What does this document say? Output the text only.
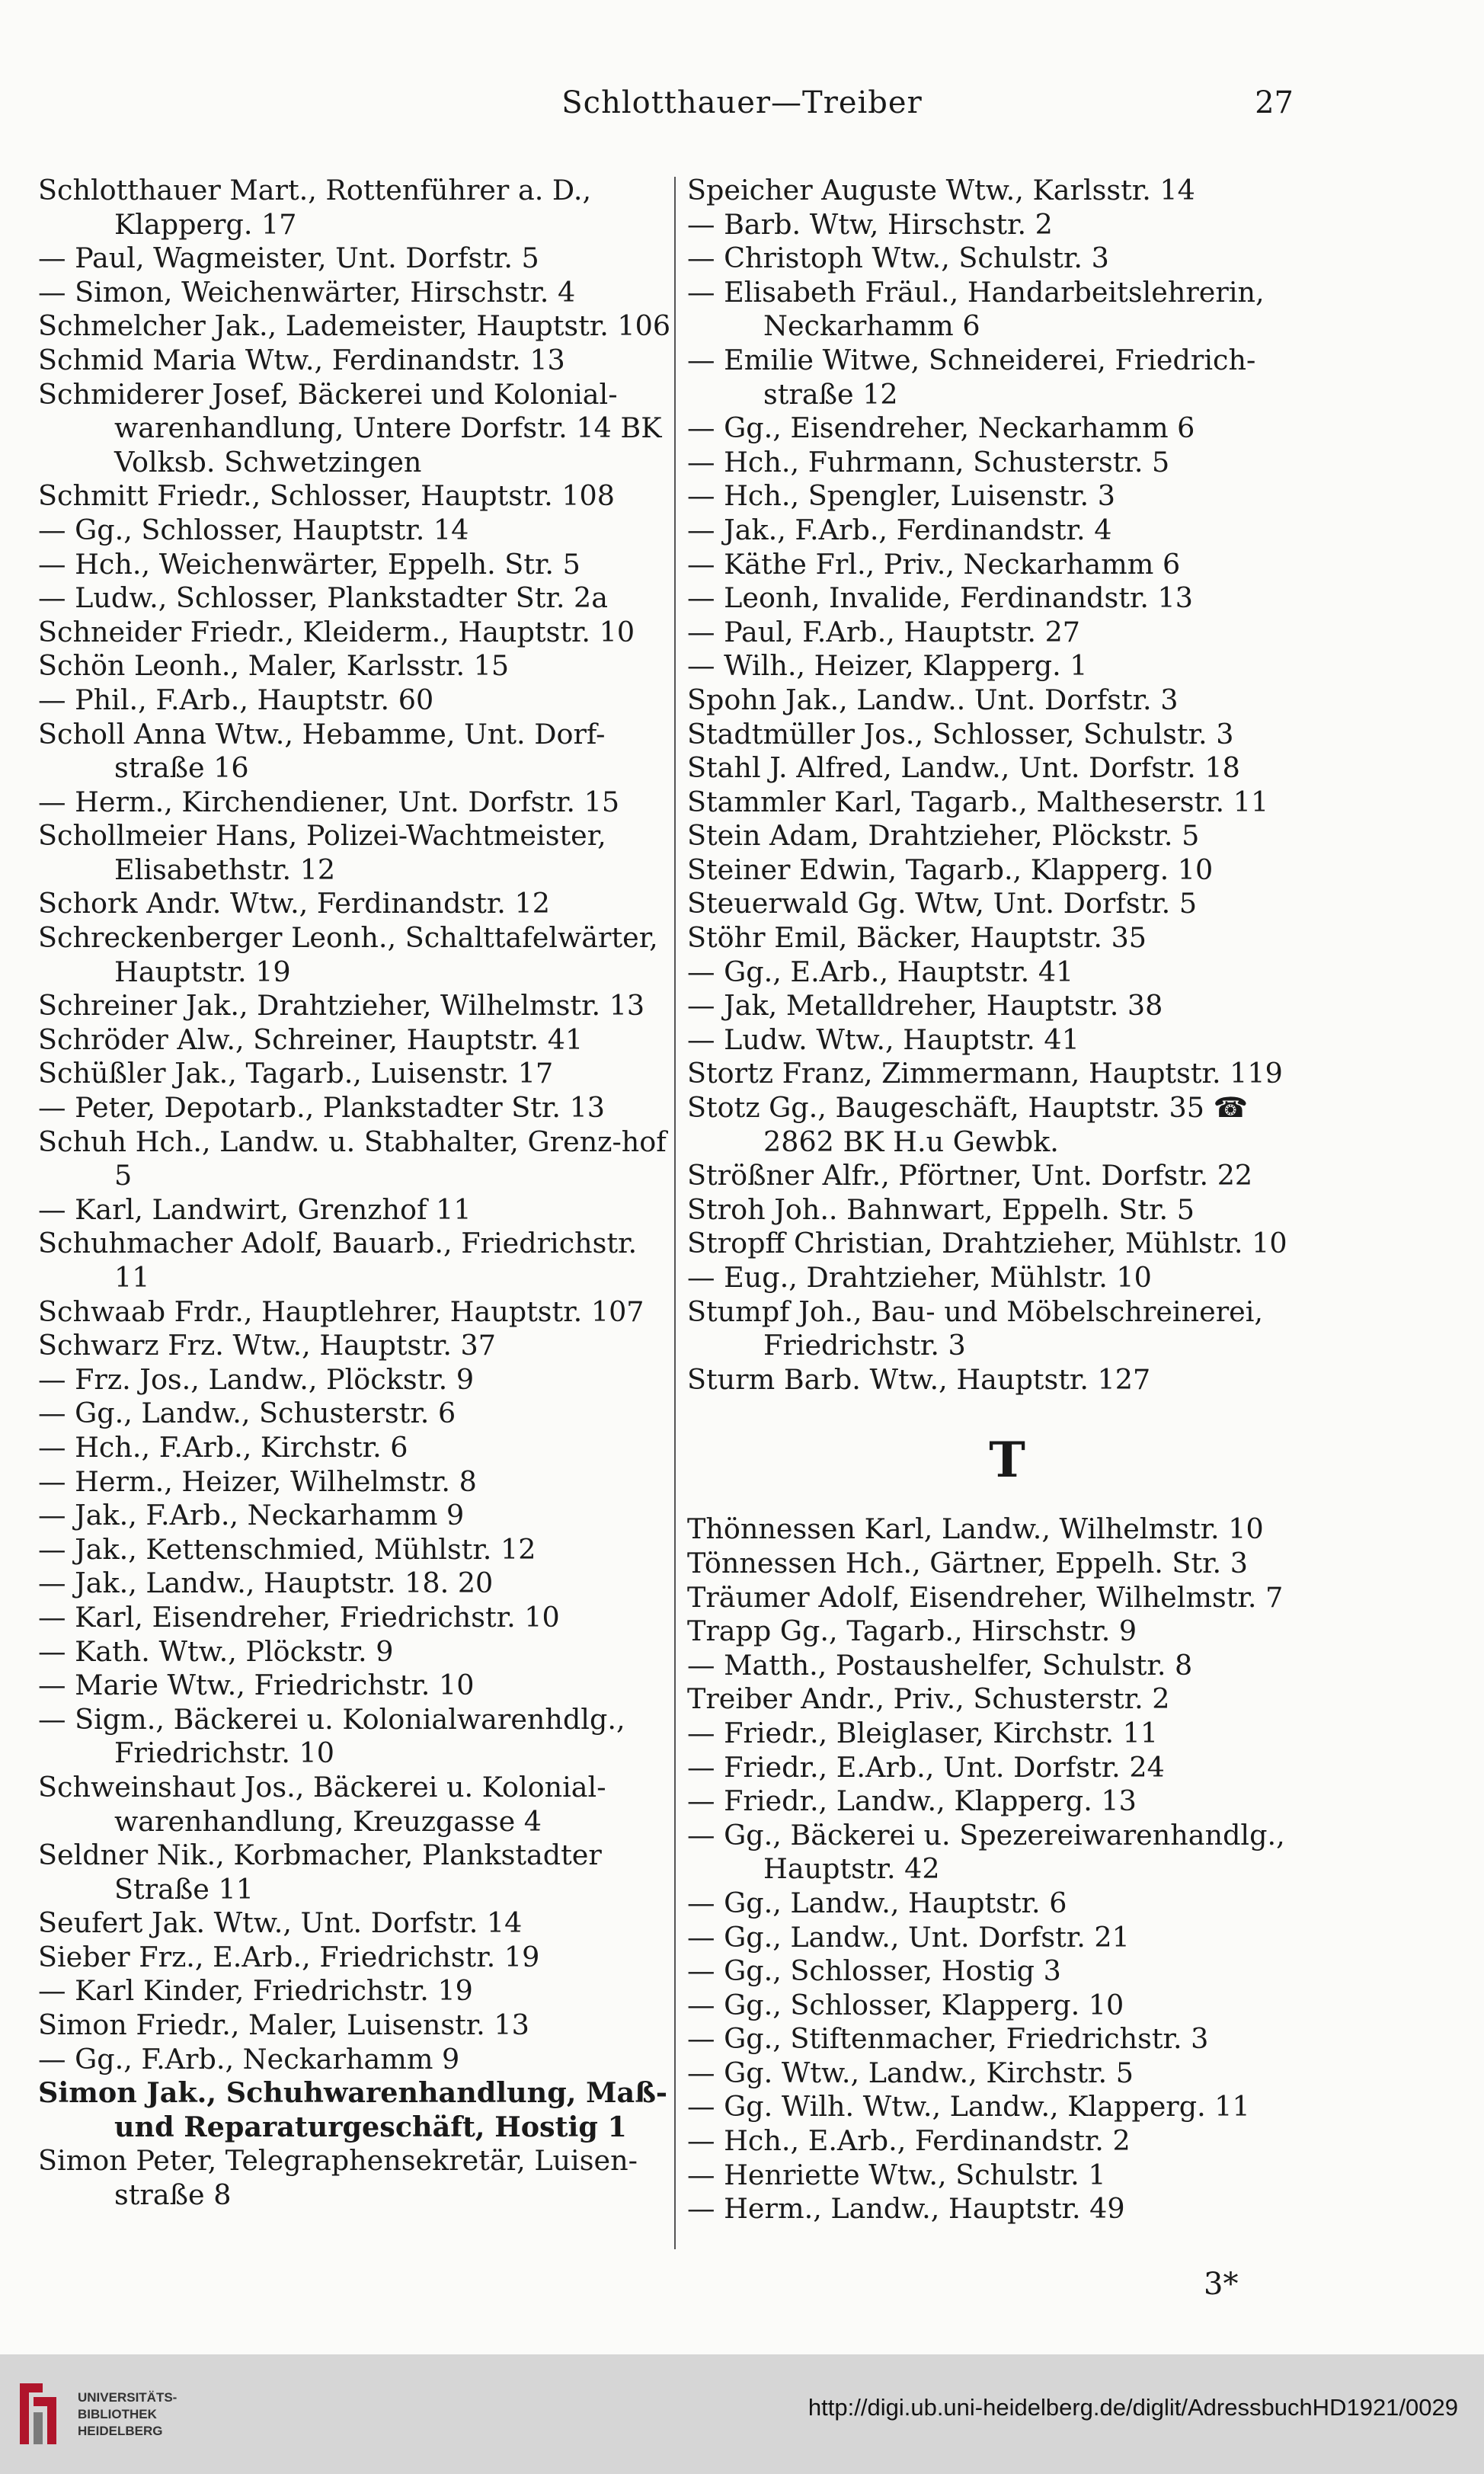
Schlotthauer—Treiber	27
Schlotthauer Mart., Rottenführer a. D., Klapperg. 17
— Paul, Wagmeister, Unt. Dorfstr. 5
— Simon, Weichenwärter, Hirschstr. 4
Schmelcher Jak., Lademeister, Hauptstr. 106
Schmid Maria Wtw., Ferdinandstr. 13
Schmiderer Josef, Bäckerei und Kolonial-warenhandlung, Untere Dorfstr. 14 BK Volksb. Schwetzingen
Schmitt Friedr., Schlosser, Hauptstr. 108
— Gg., Schlosser, Hauptstr. 14
— Hch., Weichenwärter, Eppelh. Str. 5
— Ludw., Schlosser, Plankstadter Str. 2a
Schneider Friedr., Kleiderm., Hauptstr. 10
Schön Leonh., Maler, Karlsstr. 15
— Phil., F.Arb., Hauptstr. 60
Scholl Anna Wtw., Hebamme, Unt. Dorf-straße 16
— Herm., Kirchendiener, Unt. Dorfstr. 15
Schollmeier Hans, Polizei-Wachtmeister, Elisabethstr. 12
Schork Andr. Wtw., Ferdinandstr. 12
Schreckenberger Leonh., Schalttafelwärter, Hauptstr. 19
Schreiner Jak., Drahtzieher, Wilhelmstr. 13
Schröder Alw., Schreiner, Hauptstr. 41
Schüßler Jak., Tagarb., Luisenstr. 17
— Peter, Depotarb., Plankstadter Str. 13
Schuh Hch., Landw. u. Stabhalter, Grenz-hof 5
— Karl, Landwirt, Grenzhof 11
Schuhmacher Adolf, Bauarb., Friedrichstr. 11
Schwaab Frdr., Hauptlehrer, Hauptstr. 107
Schwarz Frz. Wtw., Hauptstr. 37
— Frz. Jos., Landw., Plöckstr. 9
— Gg., Landw., Schusterstr. 6
— Hch., F.Arb., Kirchstr. 6
— Herm., Heizer, Wilhelmstr. 8
— Jak., F.Arb., Neckarhamm 9
— Jak., Kettenschmied, Mühlstr. 12
— Jak., Landw., Hauptstr. 18. 20
— Karl, Eisendreher, Friedrichstr. 10
— Kath. Wtw., Plöckstr. 9
— Marie Wtw., Friedrichstr. 10
— Sigm., Bäckerei u. Kolonialwarenhdlg., Friedrichstr. 10
Schweinshaut Jos., Bäckerei u. Kolonial-warenhandlung, Kreuzgasse 4
Seldner Nik., Korbmacher, Plankstadter Straße 11
Seufert Jak. Wtw., Unt. Dorfstr. 14
Sieber Frz., E.Arb., Friedrichstr. 19
— Karl Kinder, Friedrichstr. 19
Simon Friedr., Maler, Luisenstr. 13
— Gg., F.Arb., Neckarhamm 9
Simon Jak., Schuhwarenhandlung, Maß- und Reparaturgeschäft, Hostig 1
Simon Peter, Telegraphensekretär, Luisen-straße 8
Speicher Auguste Wtw., Karlsstr. 14
— Barb. Wtw, Hirschstr. 2
— Christoph Wtw., Schulstr. 3
— Elisabeth Fräul., Handarbeitslehrerin, Neckarhamm 6
— Emilie Witwe, Schneiderei, Friedrich-straße 12
— Gg., Eisendreher, Neckarhamm 6
— Hch., Fuhrmann, Schusterstr. 5
— Hch., Spengler, Luisenstr. 3
— Jak., F.Arb., Ferdinandstr. 4
— Käthe Frl., Priv., Neckarhamm 6
— Leonh, Invalide, Ferdinandstr. 13
— Paul, F.Arb., Hauptstr. 27
— Wilh., Heizer, Klapperg. 1
Spohn Jak., Landw.. Unt. Dorfstr. 3
Stadtmüller Jos., Schlosser, Schulstr. 3
Stahl J. Alfred, Landw., Unt. Dorfstr. 18
Stammler Karl, Tagarb., Maltheserstr. 11
Stein Adam, Drahtzieher, Plöckstr. 5
Steiner Edwin, Tagarb., Klapperg. 10
Steuerwald Gg. Wtw, Unt. Dorfstr. 5
Stöhr Emil, Bäcker, Hauptstr. 35
— Gg., E.Arb., Hauptstr. 41
— Jak, Metalldreher, Hauptstr. 38
— Ludw. Wtw., Hauptstr. 41
Stortz Franz, Zimmermann, Hauptstr. 119
Stotz Gg., Baugeschäft, Hauptstr. 35 ☎ 2862 BK H.u Gewbk.
Strößner Alfr., Pförtner, Unt. Dorfstr. 22
Stroh Joh.. Bahnwart, Eppelh. Str. 5
Stropff Christian, Drahtzieher, Mühlstr. 10
— Eug., Drahtzieher, Mühlstr. 10
Stumpf Joh., Bau- und Möbelschreinerei, Friedrichstr. 3
Sturm Barb. Wtw., Hauptstr. 127
T
Thönnessen Karl, Landw., Wilhelmstr. 10
Tönnessen Hch., Gärtner, Eppelh. Str. 3
Träumer Adolf, Eisendreher, Wilhelmstr. 7
Trapp Gg., Tagarb., Hirschstr. 9
— Matth., Postaushelfer, Schulstr. 8
Treiber Andr., Priv., Schusterstr. 2
— Friedr., Bleiglaser, Kirchstr. 11
— Friedr., E.Arb., Unt. Dorfstr. 24
— Friedr., Landw., Klapperg. 13
— Gg., Bäckerei u. Spezereiwarenhandlg., Hauptstr. 42
— Gg., Landw., Hauptstr. 6
— Gg., Landw., Unt. Dorfstr. 21
— Gg., Schlosser, Hostig 3
— Gg., Schlosser, Klapperg. 10
— Gg., Stiftenmacher, Friedrichstr. 3
— Gg. Wtw., Landw., Kirchstr. 5
— Gg. Wilh. Wtw., Landw., Klapperg. 11
— Hch., E.Arb., Ferdinandstr. 2
— Henriette Wtw., Schulstr. 1
— Herm., Landw., Hauptstr. 49
3*
UNIVERSITÄTS-
BIBLIOTHEK
HEIDELBERG
http://digi.ub.uni-heidelberg.de/diglit/AdressbuchHD1921/0029
